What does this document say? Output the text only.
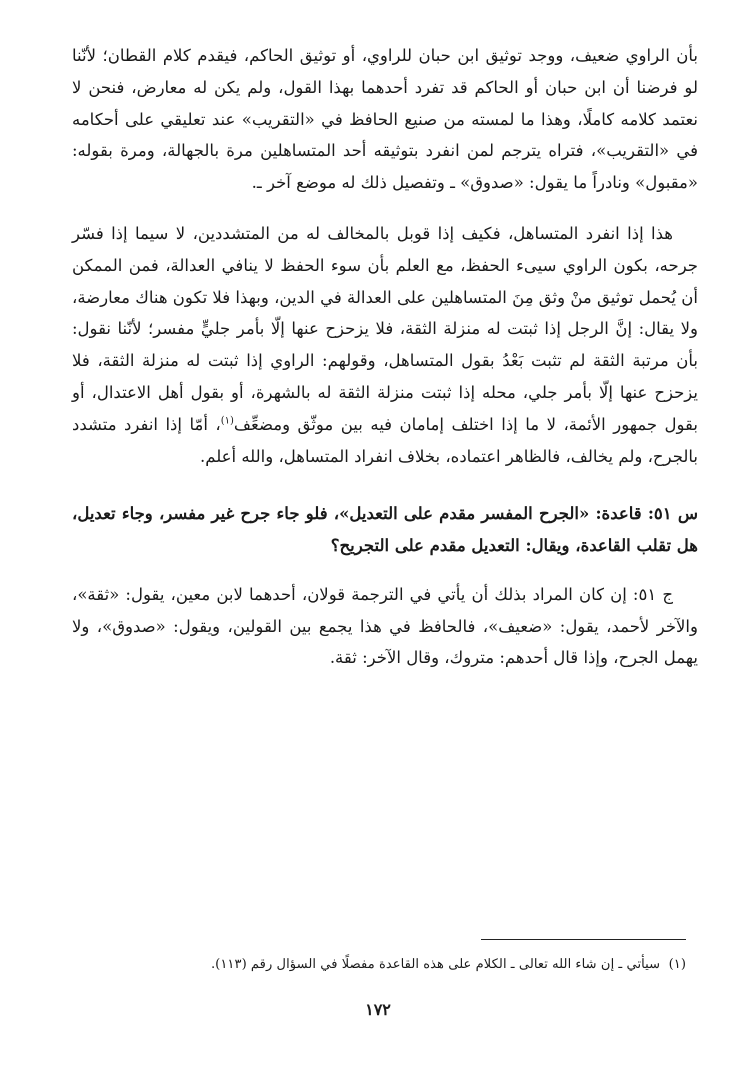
بأن الراوي ضعيف، ووجد توثيق ابن حبان للراوي، أو توثيق الحاكم، فيقدم كلام القطان؛ لأنّنا لو فرضنا أن ابن حبان أو الحاكم قد تفرد أحدهما بهذا القول، ولم يكن له معارض، فنحن لا نعتمد كلامه كاملًا، وهذا ما لمسته من صنيع الحافظ في «التقريب» عند تعليقي على أحكامه في «التقريب»، فتراه يترجم لمن انفرد بتوثيقه أحد المتساهلين مرة بالجهالة، ومرة بقوله: «مقبول» ونادراً ما يقول: «صدوق» ـ وتفصيل ذلك له موضع آخر ـ.

هذا إذا انفرد المتساهل، فكيف إذا قوبل بالمخالف له من المتشددين، لا سيما إذا فسّر جرحه، بكون الراوي سيىء الحفظ، مع العلم بأن سوء الحفظ لا ينافي العدالة، فمن الممكن أن يُحمل توثيق منْ وثق مِنَ المتساهلين على العدالة في الدين، وبهذا فلا تكون هناك معارضة، ولا يقال: إنَّ الرجل إذا ثبتت له منزلة الثقة، فلا يزحزح عنها إلّا بأمر جليٍّ مفسر؛ لأنّنا نقول: بأن مرتبة الثقة لم تثبت بَعْدُ بقول المتساهل، وقولهم: الراوي إذا ثبتت له منزلة الثقة، فلا يزحزح عنها إلّا بأمر جلي، محله إذا ثبتت منزلة الثقة له بالشهرة، أو بقول أهل الاعتدال، أو بقول جمهور الأئمة، لا ما إذا اختلف إمامان فيه بين موثّق ومضعِّف$^{(١)}$، أمّا إذا انفرد متشدد بالجرح، ولم يخالف، فالظاهر اعتماده، بخلاف انفراد المتساهل، والله أعلم.

س ٥١: قاعدة: «الجرح المفسر مقدم على التعديل»، فلو جاء جرح غير مفسر، وجاء تعديل، هل تقلب القاعدة، ويقال: التعديل مقدم على التجريح؟

ج ٥١: إن كان المراد بذلك أن يأتي في الترجمة قولان، أحدهما لابن معين، يقول: «ثقة»، والآخر لأحمد، يقول: «ضعيف»، فالحافظ في هذا يجمع بين القولين، ويقول: «صدوق»، ولا يهمل الجرح، وإذا قال أحدهم: متروك، وقال الآخر: ثقة.

(١)  سيأتي ـ إن شاء الله تعالى ـ الكلام على هذه القاعدة مفصلًا في السؤال رقم (١١٣).
١٧٢
